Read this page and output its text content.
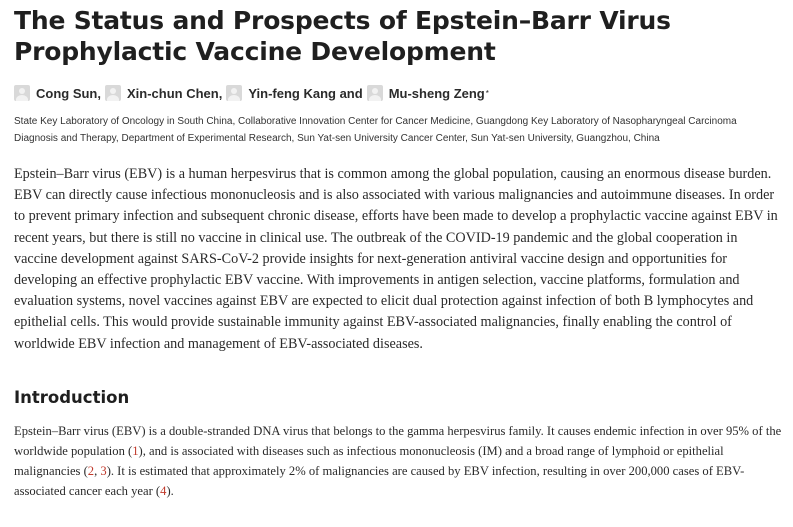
The Status and Prospects of Epstein–Barr Virus Prophylactic Vaccine Development
Cong Sun, Xin-chun Chen, Yin-feng Kang and Mu-sheng Zeng *

State Key Laboratory of Oncology in South China, Collaborative Innovation Center for Cancer Medicine, Guangdong Key Laboratory of Nasopharyngeal Carcinoma Diagnosis and Therapy, Department of Experimental Research, Sun Yat-sen University Cancer Center, Sun Yat-sen University, Guangzhou, China

Epstein–Barr virus (EBV) is a human herpesvirus that is common among the global population, causing an enormous disease burden. EBV can directly cause infectious mononucleosis and is also associated with various malignancies and autoimmune diseases. In order to prevent primary infection and subsequent chronic disease, efforts have been made to develop a prophylactic vaccine against EBV in recent years, but there is still no vaccine in clinical use. The outbreak of the COVID-19 pandemic and the global cooperation in vaccine development against SARS-CoV-2 provide insights for next-generation antiviral vaccine design and opportunities for developing an effective prophylactic EBV vaccine. With improvements in antigen selection, vaccine platforms, formulation and evaluation systems, novel vaccines against EBV are expected to elicit dual protection against infection of both B lymphocytes and epithelial cells. This would provide sustainable immunity against EBV-associated malignancies, finally enabling the control of worldwide EBV infection and management of EBV-associated diseases.

Introduction

Epstein–Barr virus (EBV) is a double-stranded DNA virus that belongs to the gamma herpesvirus family. It causes endemic infection in over 95% of the worldwide population (1), and is associated with diseases such as infectious mononucleosis (IM) and a broad range of lymphoid or epithelial malignancies (2, 3). It is estimated that approximately 2% of malignancies are caused by EBV infection, resulting in over 200,000 cases of EBV-associated cancer each year (4).
